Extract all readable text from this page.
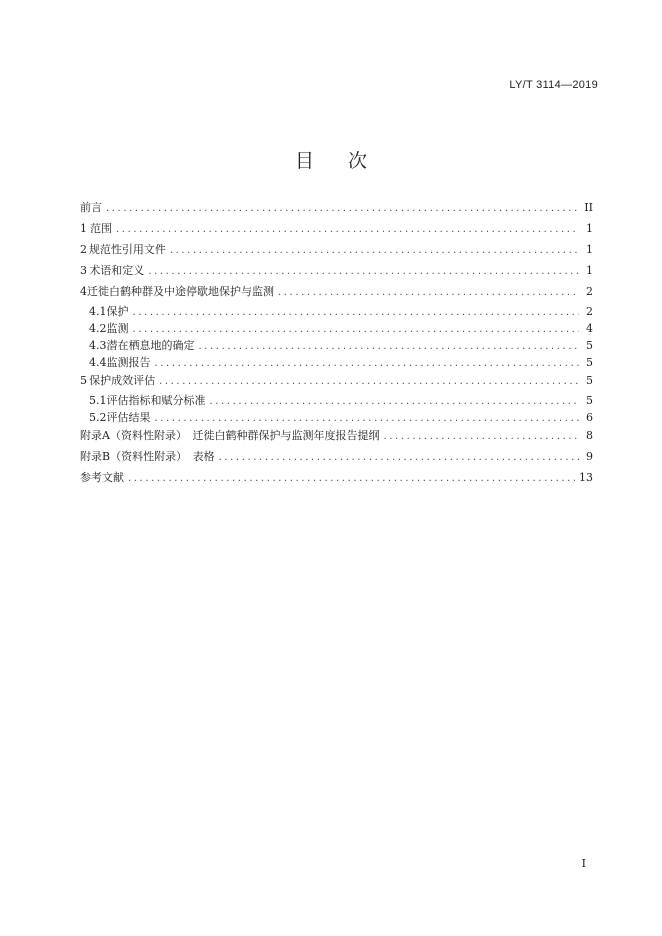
LY/T 3114—2019
目 次
前言 .....	II
1 范围 .....	1
2 规范性引用文件 .....	1
3 术语和定义 .....	1
4 迁徙白鹤种群及中途停歇地保护与监测 .....	2
4.1 保护 .....	2
4.2 监测 .....	4
4.3 潜在栖息地的确定 .....	5
4.4 监测报告 .....	5
5 保护成效评估 .....	5
5.1 评估指标和赋分标准 .....	5
5.2 评估结果 .....	6
附录A（资料性附录）　迁徙白鹤种群保护与监测年度报告提纲 .....	8
附录B（资料性附录）　表格 .....	9
参考文献 .....	13
I
